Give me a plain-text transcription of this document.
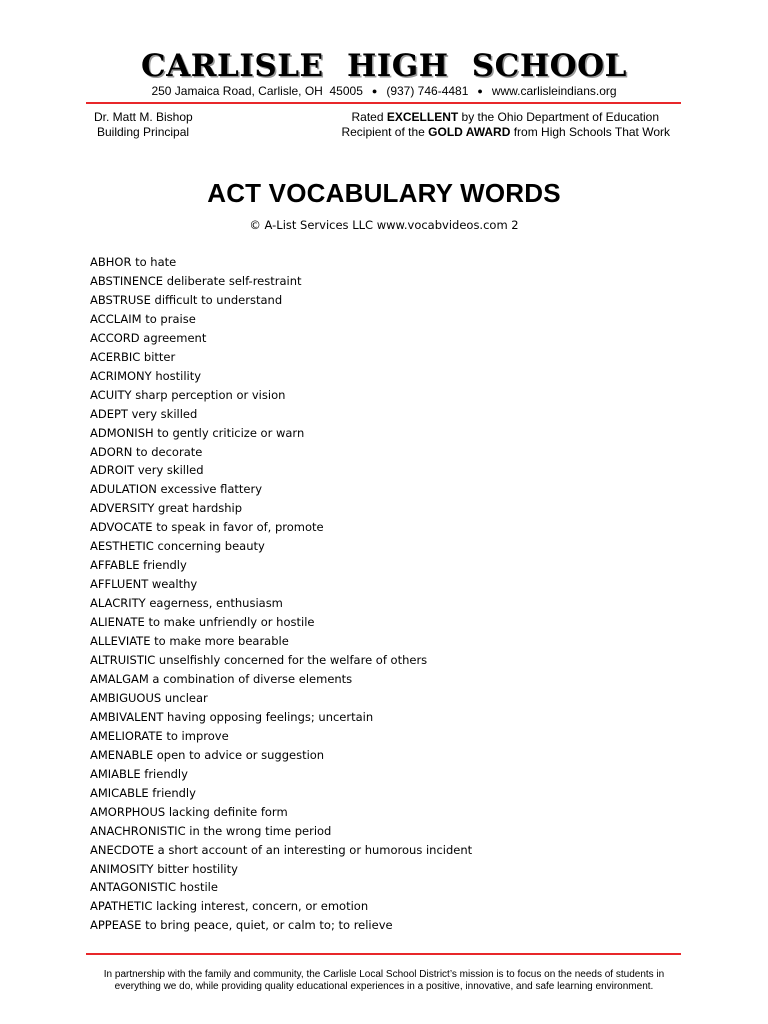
CARLISLE HIGH SCHOOL
250 Jamaica Road, Carlisle, OH  45005 ● (937) 746-4481 ● www.carlisleindians.org
Dr. Matt M. Bishop
Building Principal
Rated EXCELLENT by the Ohio Department of Education
Recipient of the GOLD AWARD from High Schools That Work
ACT VOCABULARY WORDS
© A-List Services LLC www.vocabvideos.com 2
ABHOR to hate
ABSTINENCE deliberate self-restraint
ABSTRUSE difficult to understand
ACCLAIM to praise
ACCORD agreement
ACERBIC bitter
ACRIMONY hostility
ACUITY sharp perception or vision
ADEPT very skilled
ADMONISH to gently criticize or warn
ADORN to decorate
ADROIT very skilled
ADULATION excessive flattery
ADVERSITY great hardship
ADVOCATE to speak in favor of, promote
AESTHETIC concerning beauty
AFFABLE friendly
AFFLUENT wealthy
ALACRITY eagerness, enthusiasm
ALIENATE to make unfriendly or hostile
ALLEVIATE to make more bearable
ALTRUISTIC unselfishly concerned for the welfare of others
AMALGAM a combination of diverse elements
AMBIGUOUS unclear
AMBIVALENT having opposing feelings; uncertain
AMELIORATE to improve
AMENABLE open to advice or suggestion
AMIABLE friendly
AMICABLE friendly
AMORPHOUS lacking definite form
ANACHRONISTIC in the wrong time period
ANECDOTE a short account of an interesting or humorous incident
ANIMOSITY bitter hostility
ANTAGONISTIC hostile
APATHETIC lacking interest, concern, or emotion
APPEASE to bring peace, quiet, or calm to; to relieve
In partnership with the family and community, the Carlisle Local School District’s mission is to focus on the needs of students in
everything we do, while providing quality educational experiences in a positive, innovative, and safe learning environment.
